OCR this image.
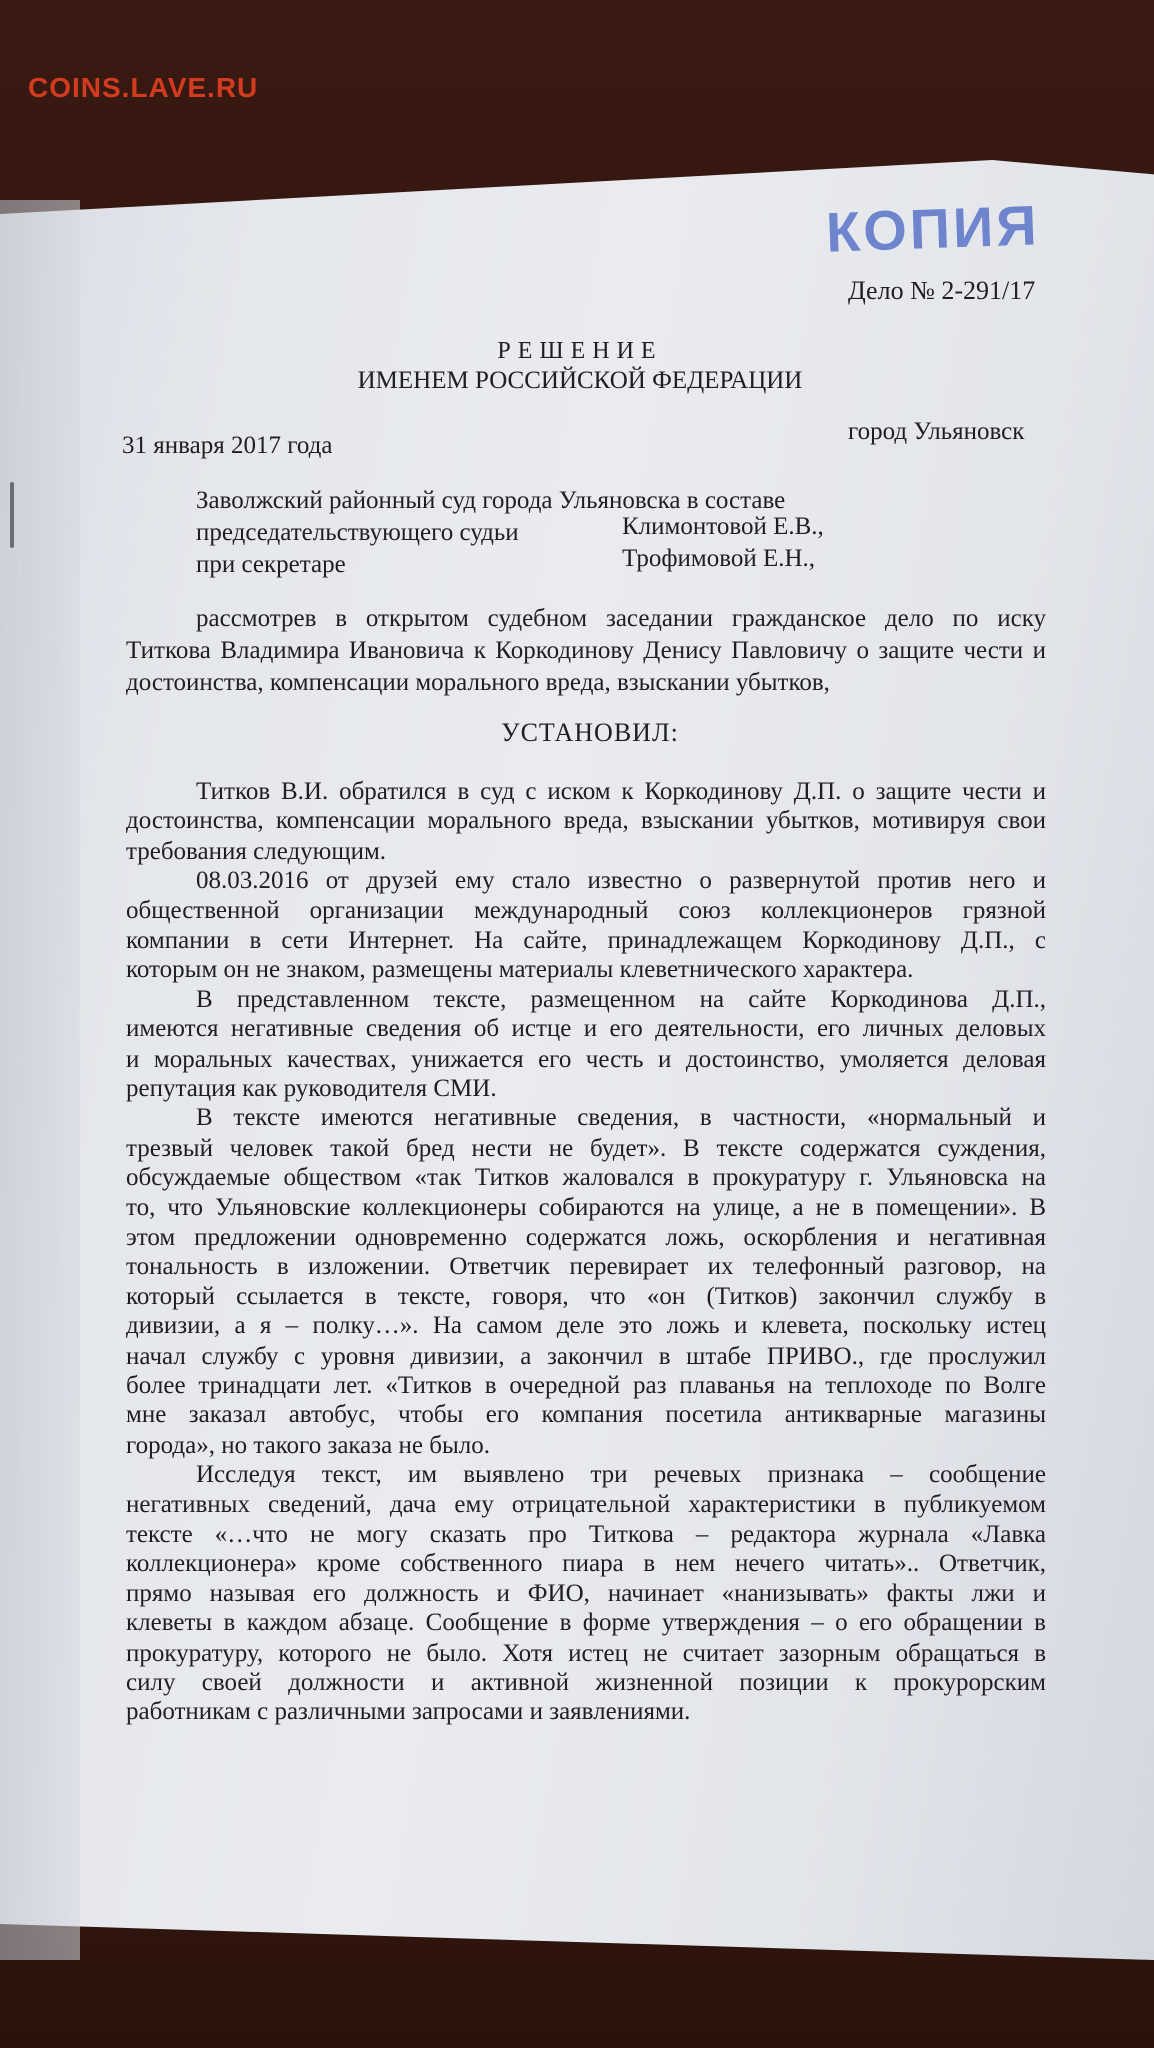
COINS.LAVE.RU
КОПИЯ
Дело № 2-291/17
РЕШЕНИЕ
ИМЕНЕМ РОССИЙСКОЙ ФЕДЕРАЦИИ
31 января 2017 года
город Ульяновск
Заволжский районный суд города Ульяновска в составе
председательствующего судьи	Климонтовой Е.В.,
при секретаре	Трофимовой Е.Н.,
рассмотрев в открытом судебном заседании гражданское дело по иску
Титкова Владимира Ивановича к Коркодинову Денису Павловичу о защите чести и
достоинства, компенсации морального вреда, взыскании убытков,
УСТАНОВИЛ:
Титков В.И. обратился в суд с иском к Коркодинову Д.П. о защите чести и
достоинства, компенсации морального вреда, взыскании убытков, мотивируя свои
требования следующим.
08.03.2016 от друзей ему стало известно о развернутой против него и
общественной организации международный союз коллекционеров грязной
компании в сети Интернет. На сайте, принадлежащем Коркодинову Д.П., с
которым он не знаком, размещены материалы клеветнического характера.
В представленном тексте, размещенном на сайте Коркодинова Д.П.,
имеются негативные сведения об истце и его деятельности, его личных деловых
и моральных качествах, унижается его честь и достоинство, умоляется деловая
репутация как руководителя СМИ.
В тексте имеются негативные сведения, в частности, «нормальный и
трезвый человек такой бред нести не будет». В тексте содержатся суждения,
обсуждаемые обществом «так Титков жаловался в прокуратуру г. Ульяновска на
то, что Ульяновские коллекционеры собираются на улице, а не в помещении». В
этом предложении одновременно содержатся ложь, оскорбления и негативная
тональность в изложении. Ответчик перевирает их телефонный разговор, на
который ссылается в тексте, говоря, что «он (Титков) закончил службу в
дивизии, а я – полку…». На самом деле это ложь и клевета, поскольку истец
начал службу с уровня дивизии, а закончил в штабе ПРИВО., где прослужил
более тринадцати лет. «Титков в очередной раз плаванья на теплоходе по Волге
мне заказал автобус, чтобы его компания посетила антикварные магазины
города», но такого заказа не было.
Исследуя текст, им выявлено три речевых признака – сообщение
негативных сведений, дача ему отрицательной характеристики в публикуемом
тексте «…что не могу сказать про Титкова – редактора журнала «Лавка
коллекционера» кроме собственного пиара в нем нечего читать».. Ответчик,
прямо называя его должность и ФИО, начинает «нанизывать» факты лжи и
клеветы в каждом абзаце. Сообщение в форме утверждения – о его обращении в
прокуратуру, которого не было. Хотя истец не считает зазорным обращаться в
силу своей должности и активной жизненной позиции к прокурорским
работникам с различными запросами и заявлениями.
